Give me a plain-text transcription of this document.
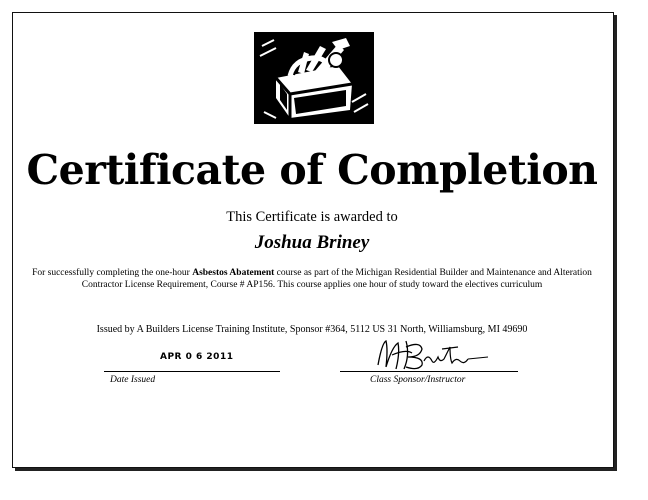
Certificate of Completion
This Certificate is awarded to
Joshua Briney
For successfully completing the one-hour Asbestos Abatement course as part of the Michigan Residential Builder and Maintenance and Alteration Contractor License Requirement, Course # AP156. This course applies one hour of study toward the electives curriculum
Issued by A Builders License Training Institute, Sponsor #364, 5112 US 31 North, Williamsburg, MI 49690
APR 0 6 2011
Date Issued	Class Sponsor/Instructor
